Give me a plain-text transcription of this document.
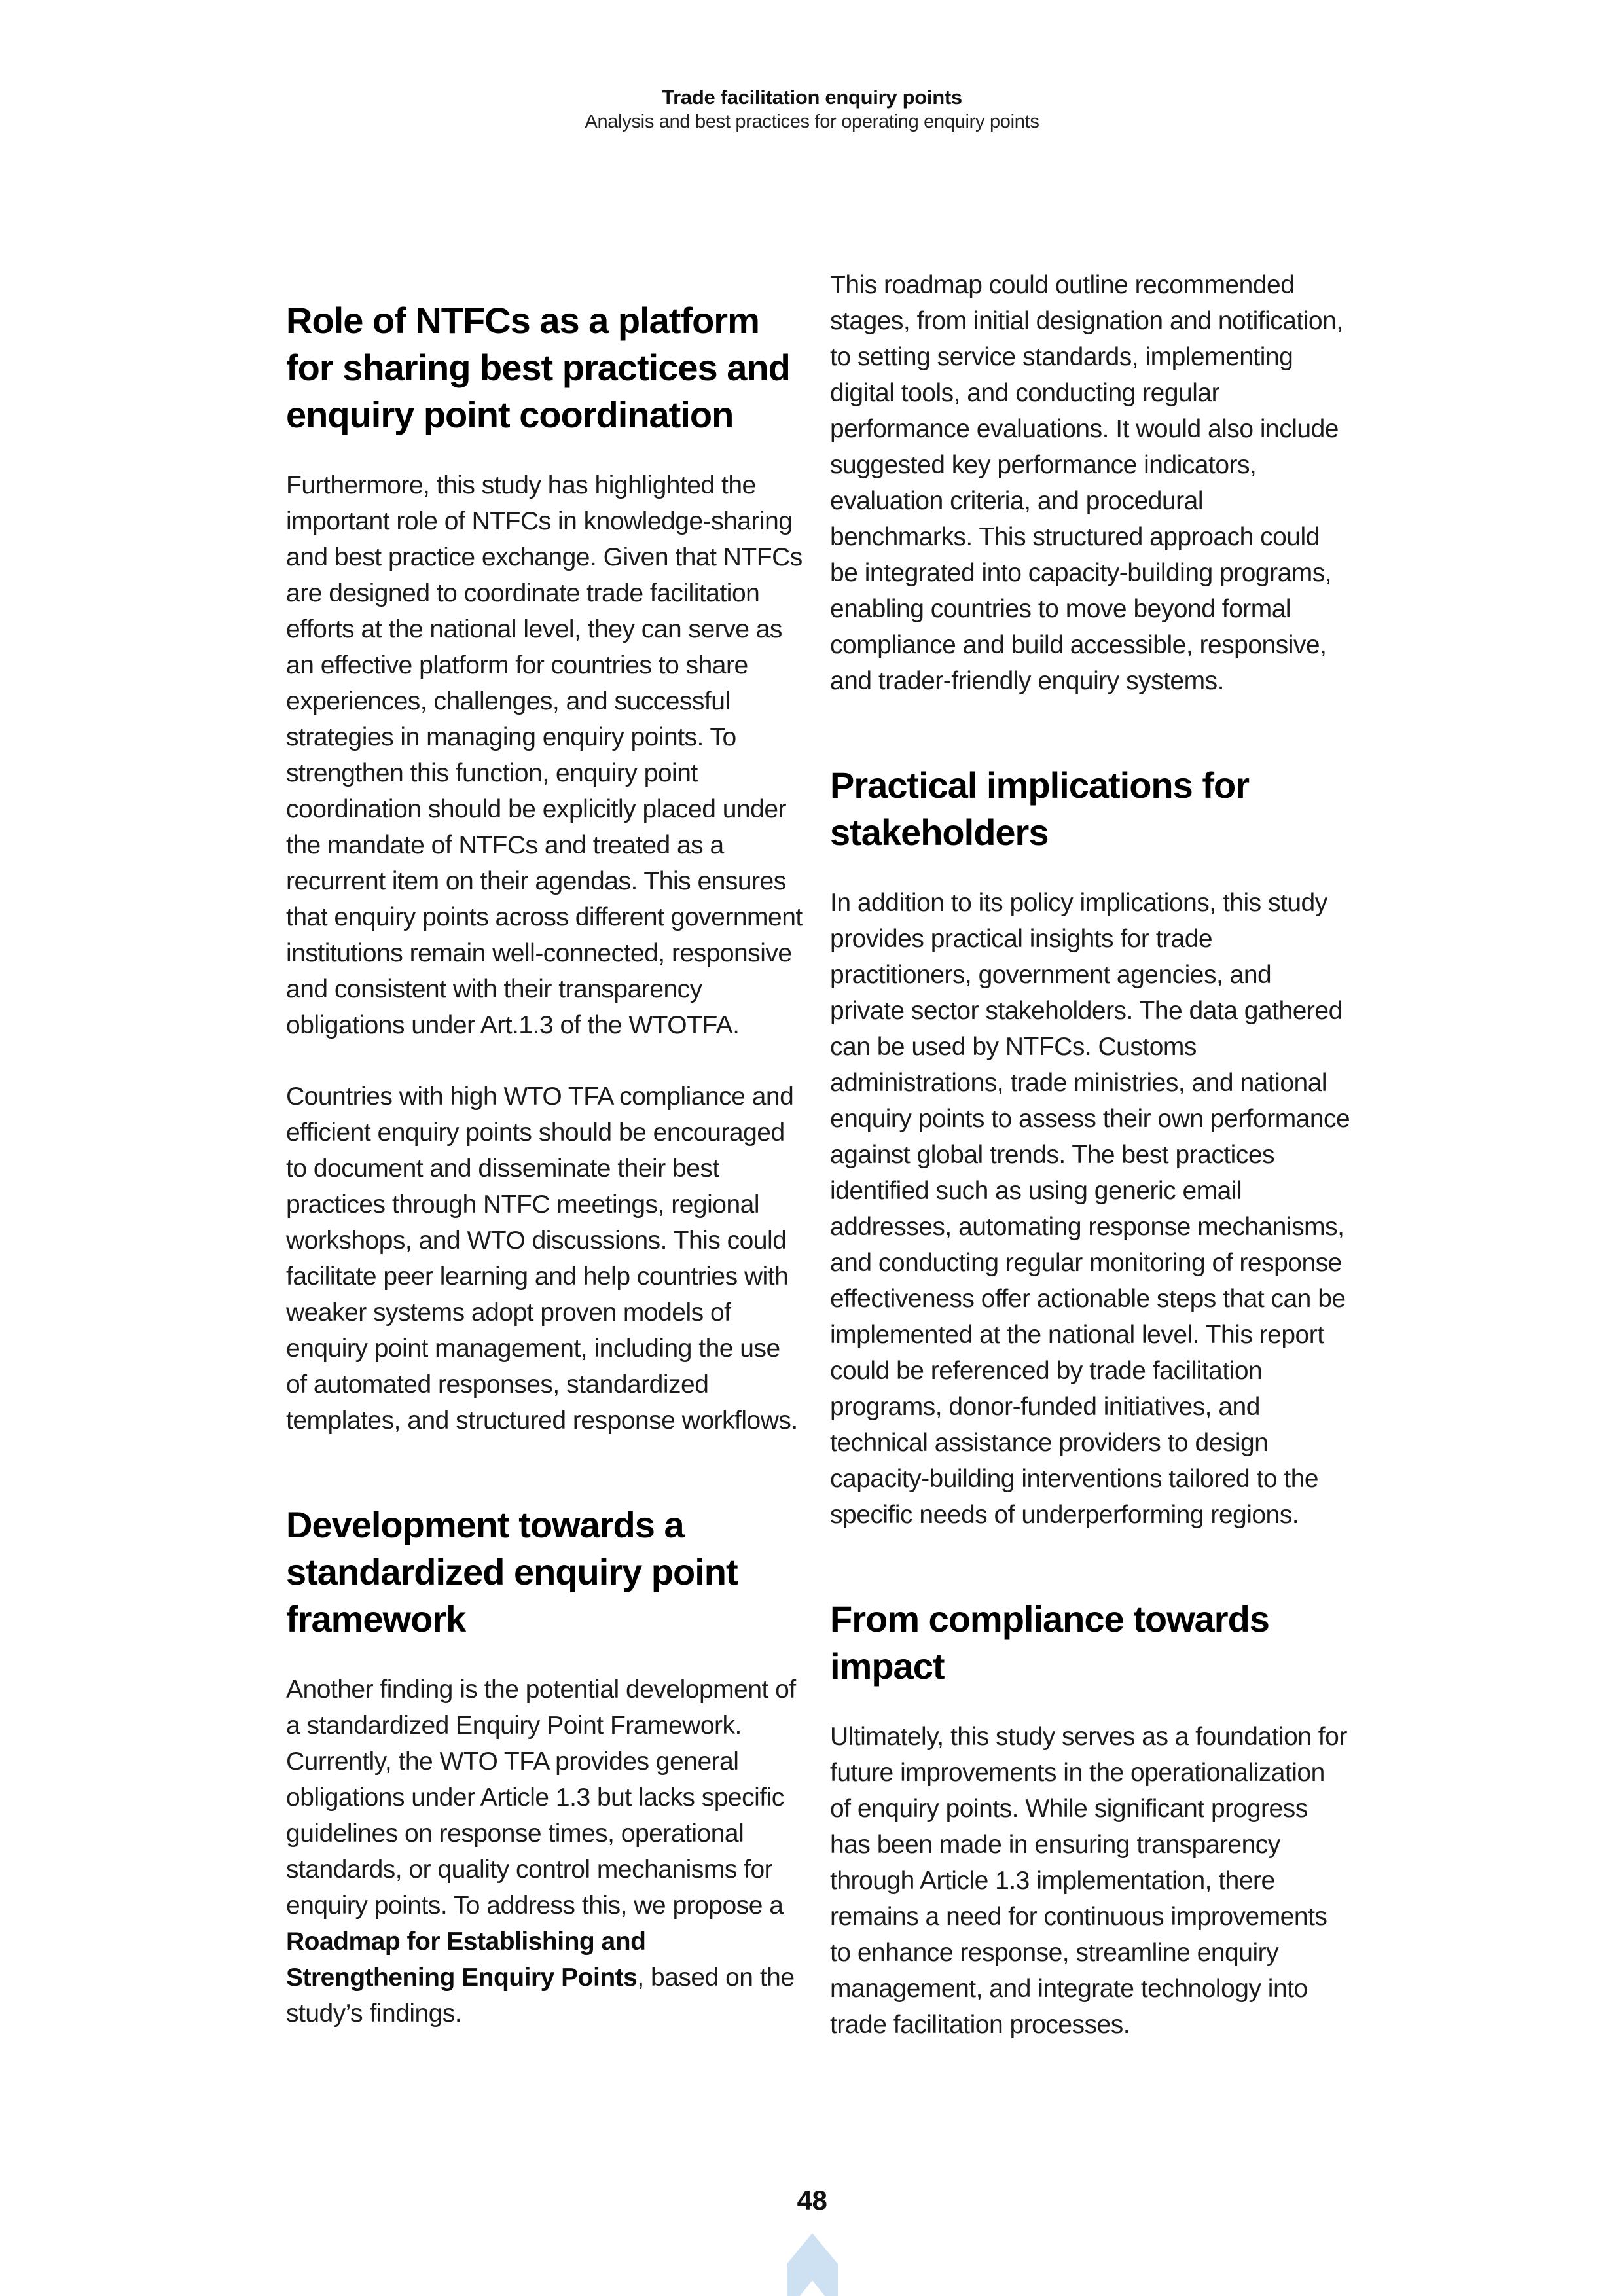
Trade facilitation enquiry points
Analysis and best practices for operating enquiry points
Role of NTFCs as a platform for sharing best practices and enquiry point coordination

Furthermore, this study has highlighted the important role of NTFCs in knowledge-sharing and best practice exchange. Given that NTFCs are designed to coordinate trade facilitation efforts at the national level, they can serve as an effective platform for countries to share experiences, challenges, and successful strategies in managing enquiry points. To strengthen this function, enquiry point coordination should be explicitly placed under the mandate of NTFCs and treated as a recurrent item on their agendas. This ensures that enquiry points across different government institutions remain well-connected, responsive and consistent with their transparency obligations under Art.1.3 of the WTOTFA.

Countries with high WTO TFA compliance and efficient enquiry points should be encouraged to document and disseminate their best practices through NTFC meetings, regional workshops, and WTO discussions. This could facilitate peer learning and help countries with weaker systems adopt proven models of enquiry point management, including the use of automated responses, standardized templates, and structured response workflows.

Development towards a standardized enquiry point framework

Another finding is the potential development of a standardized Enquiry Point Framework. Currently, the WTO TFA provides general obligations under Article 1.3 but lacks specific guidelines on response times, operational standards, or quality control mechanisms for enquiry points. To address this, we propose a Roadmap for Establishing and Strengthening Enquiry Points, based on the study’s findings.

This roadmap could outline recommended stages, from initial designation and notification, to setting service standards, implementing digital tools, and conducting regular performance evaluations. It would also include suggested key performance indicators, evaluation criteria, and procedural benchmarks. This structured approach could be integrated into capacity-building programs, enabling countries to move beyond formal compliance and build accessible, responsive, and trader-friendly enquiry systems.

Practical implications for stakeholders

In addition to its policy implications, this study provides practical insights for trade practitioners, government agencies, and private sector stakeholders. The data gathered can be used by NTFCs. Customs administrations, trade ministries, and national enquiry points to assess their own performance against global trends. The best practices identified such as using generic email addresses, automating response mechanisms, and conducting regular monitoring of response effectiveness offer actionable steps that can be implemented at the national level. This report could be referenced by trade facilitation programs, donor-funded initiatives, and technical assistance providers to design capacity-building interventions tailored to the specific needs of underperforming regions.

From compliance towards impact

Ultimately, this study serves as a foundation for future improvements in the operationalization of enquiry points. While significant progress has been made in ensuring transparency through Article 1.3 implementation, there remains a need for continuous improvements to enhance response, streamline enquiry management, and integrate technology into trade facilitation processes.

48
